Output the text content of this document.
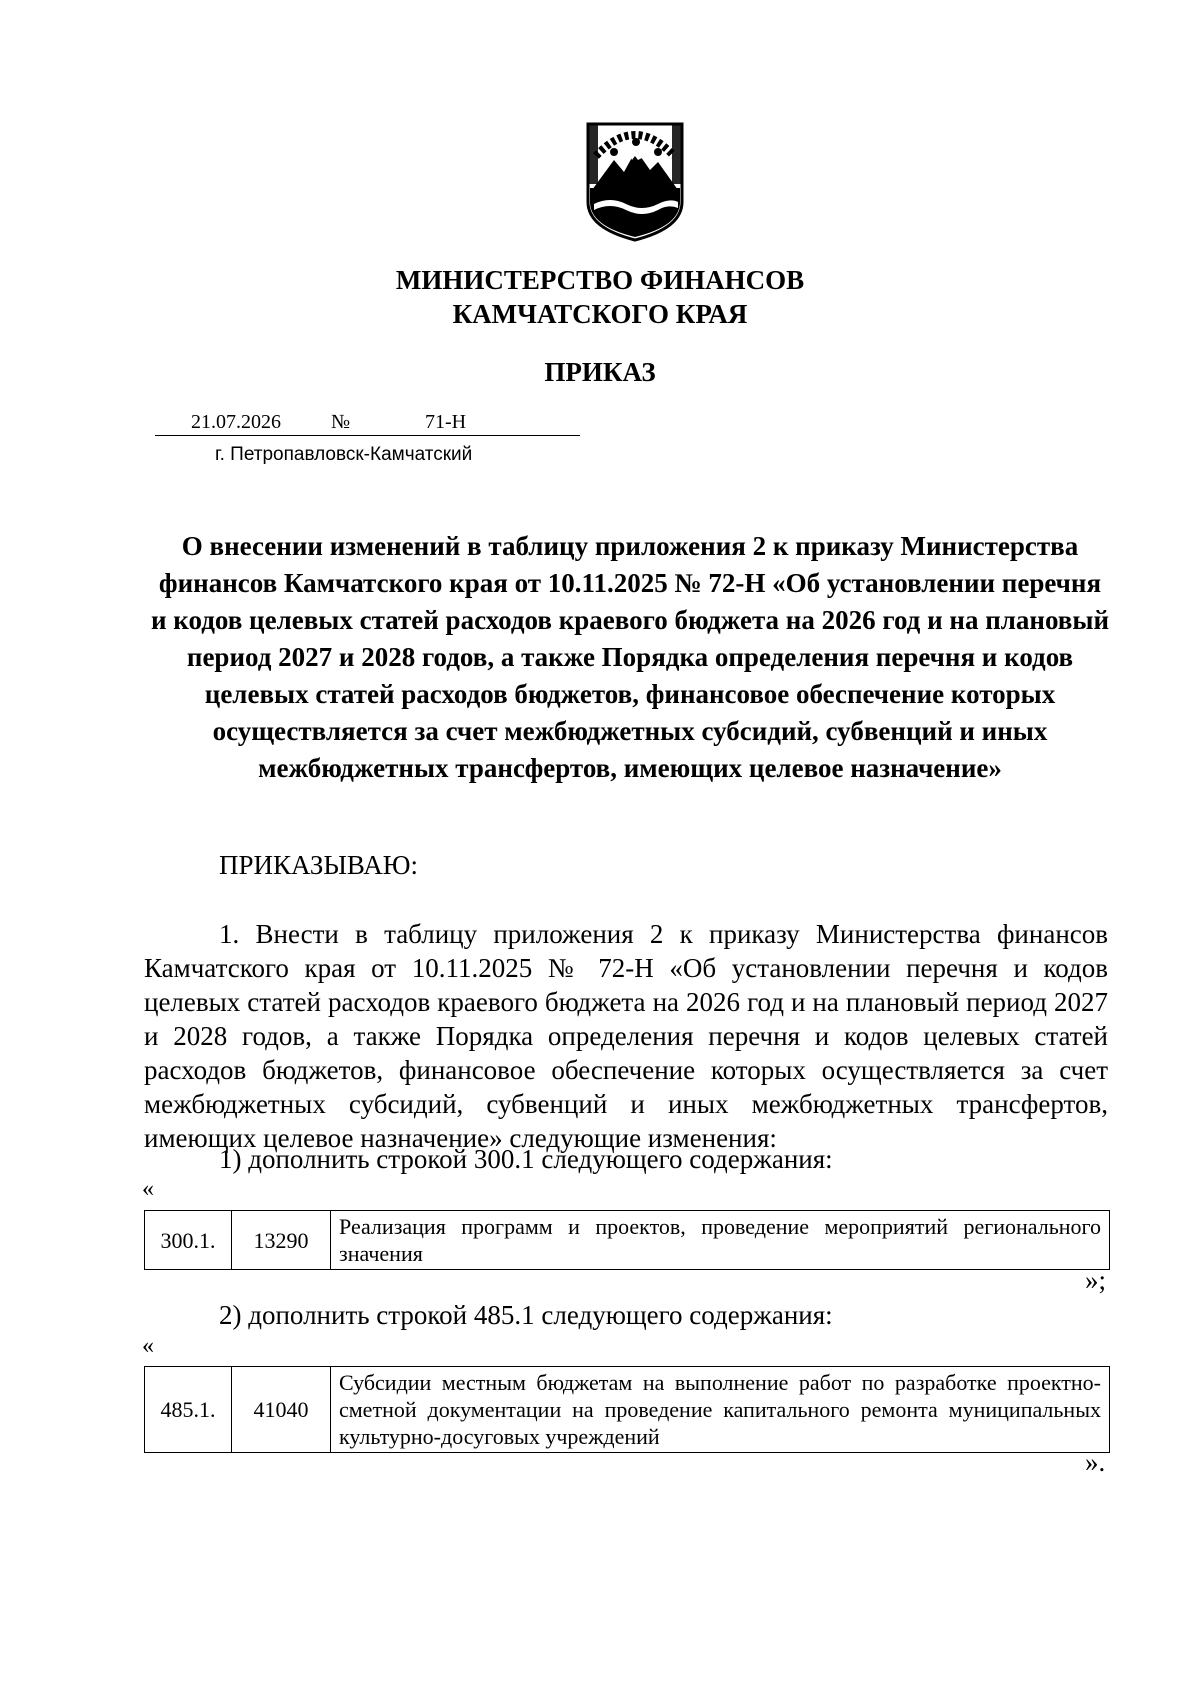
МИНИСТЕРСТВО ФИНАНСОВ
КАМЧАТСКОГО КРАЯ
ПРИКАЗ
21.07.2026	№	71-Н
г. Петропавловск-Камчатский
О внесении изменений в таблицу приложения 2 к приказу Министерства финансов Камчатского края от 10.11.2025 № 72-Н «Об установлении перечня и кодов целевых статей расходов краевого бюджета на 2026 год и на плановый период 2027 и 2028 годов, а также Порядка определения перечня и кодов целевых статей расходов бюджетов, финансовое обеспечение которых осуществляется за счет межбюджетных субсидий, субвенций и иных межбюджетных трансфертов, имеющих целевое назначение»
ПРИКАЗЫВАЮ:
1. Внести в таблицу приложения 2 к приказу Министерства финансов Камчатского края от 10.11.2025 № 72-Н «Об установлении перечня и кодов целевых статей расходов краевого бюджета на 2026 год и на плановый период 2027 и 2028 годов, а также Порядка определения перечня и кодов целевых статей расходов бюджетов, финансовое обеспечение которых осуществляется за счет межбюджетных субсидий, субвенций и иных межбюджетных трансфертов, имеющих целевое назначение» следующие изменения:
1) дополнить строкой 300.1 следующего содержания:
«
300.1.	13290	Реализация программ и проектов, проведение мероприятий регионального значения
»;
2) дополнить строкой 485.1 следующего содержания:
«
485.1.	41040	Субсидии местным бюджетам на выполнение работ по разработке проектно-сметной документации на проведение капитального ремонта муниципальных культурно-досуговых учреждений
».
